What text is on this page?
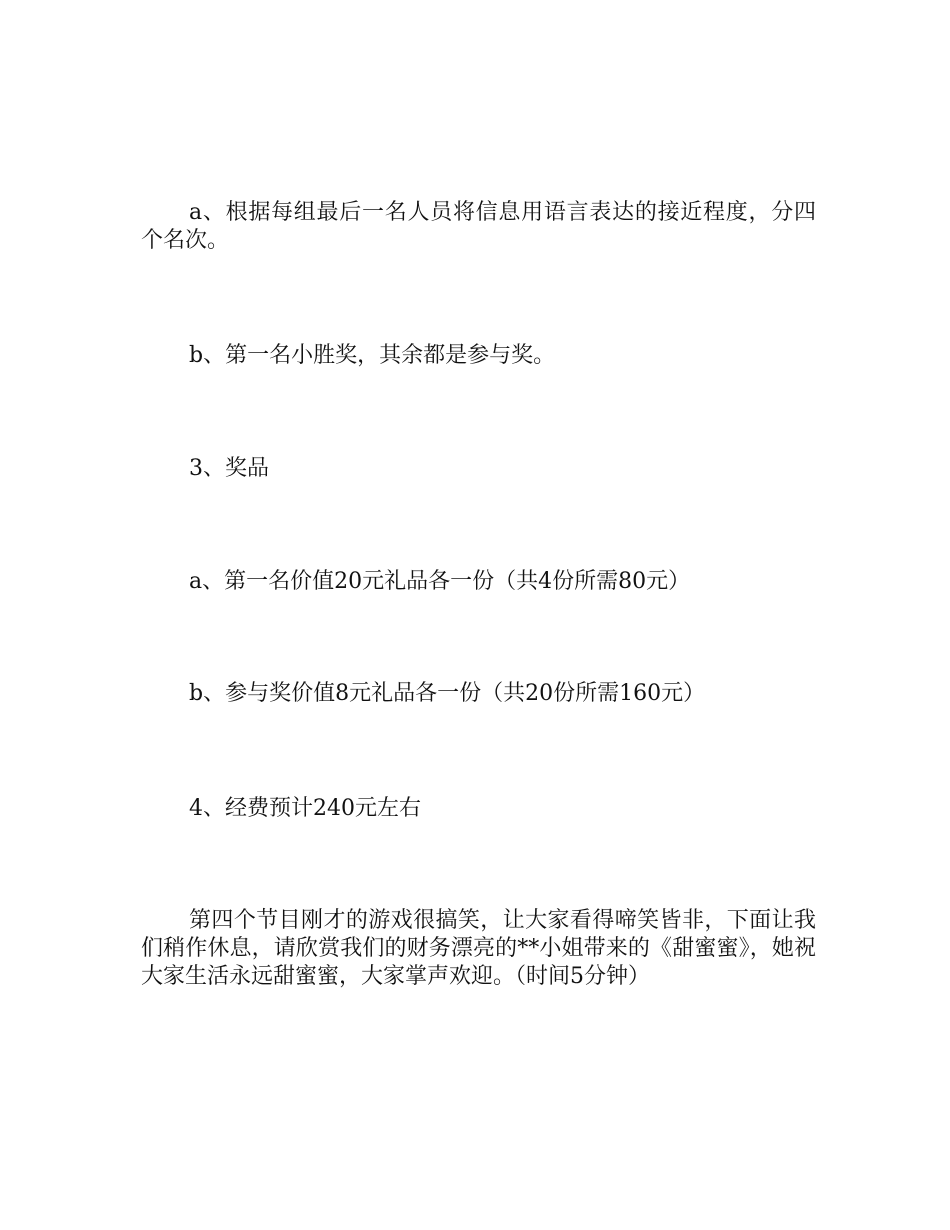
a、根据每组最后一名人员将信息用语言表达的接近程度，分四个名次。

b、第一名小胜奖，其余都是参与奖。

3、奖品

a、第一名价值20元礼品各一份（共4份所需80元）

b、参与奖价值8元礼品各一份（共20份所需160元）

4、经费预计240元左右

第四个节目刚才的游戏很搞笑，让大家看得啼笑皆非，下面让我们稍作休息，请欣赏我们的财务漂亮的**小姐带来的《甜蜜蜜》，她祝大家生活永远甜蜜蜜，大家掌声欢迎。（时间5分钟）
